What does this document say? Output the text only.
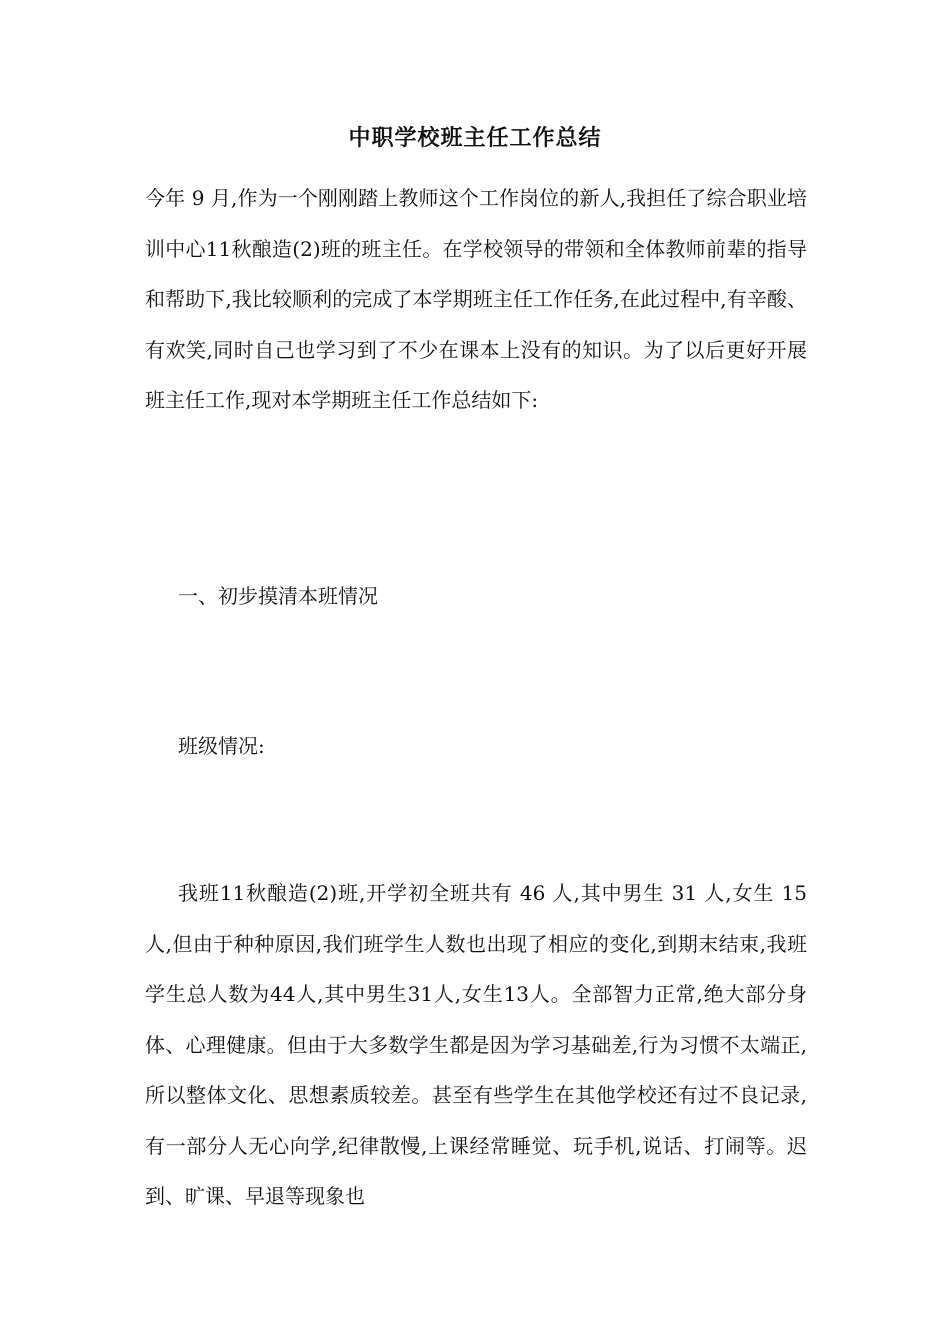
中职学校班主任工作总结
今年 9 月,作为一个刚刚踏上教师这个工作岗位的新人,我担任了综合职业培训中心11秋酿造(2)班的班主任。在学校领导的带领和全体教师前辈的指导和帮助下,我比较顺利的完成了本学期班主任工作任务,在此过程中,有辛酸、有欢笑,同时自己也学习到了不少在课本上没有的知识。为了以后更好开展班主任工作,现对本学期班主任工作总结如下:
一、初步摸清本班情况
班级情况:
我班11秋酿造(2)班,开学初全班共有 46 人,其中男生 31 人,女生 15 人,但由于种种原因,我们班学生人数也出现了相应的变化,到期末结束,我班学生总人数为44人,其中男生31人,女生13人。全部智力正常,绝大部分身体、心理健康。但由于大多数学生都是因为学习基础差,行为习惯不太端正,所以整体文化、思想素质较差。甚至有些学生在其他学校还有过不良记录,有一部分人无心向学,纪律散慢,上课经常睡觉、玩手机,说话、打闹等。迟到、旷课、早退等现象也
